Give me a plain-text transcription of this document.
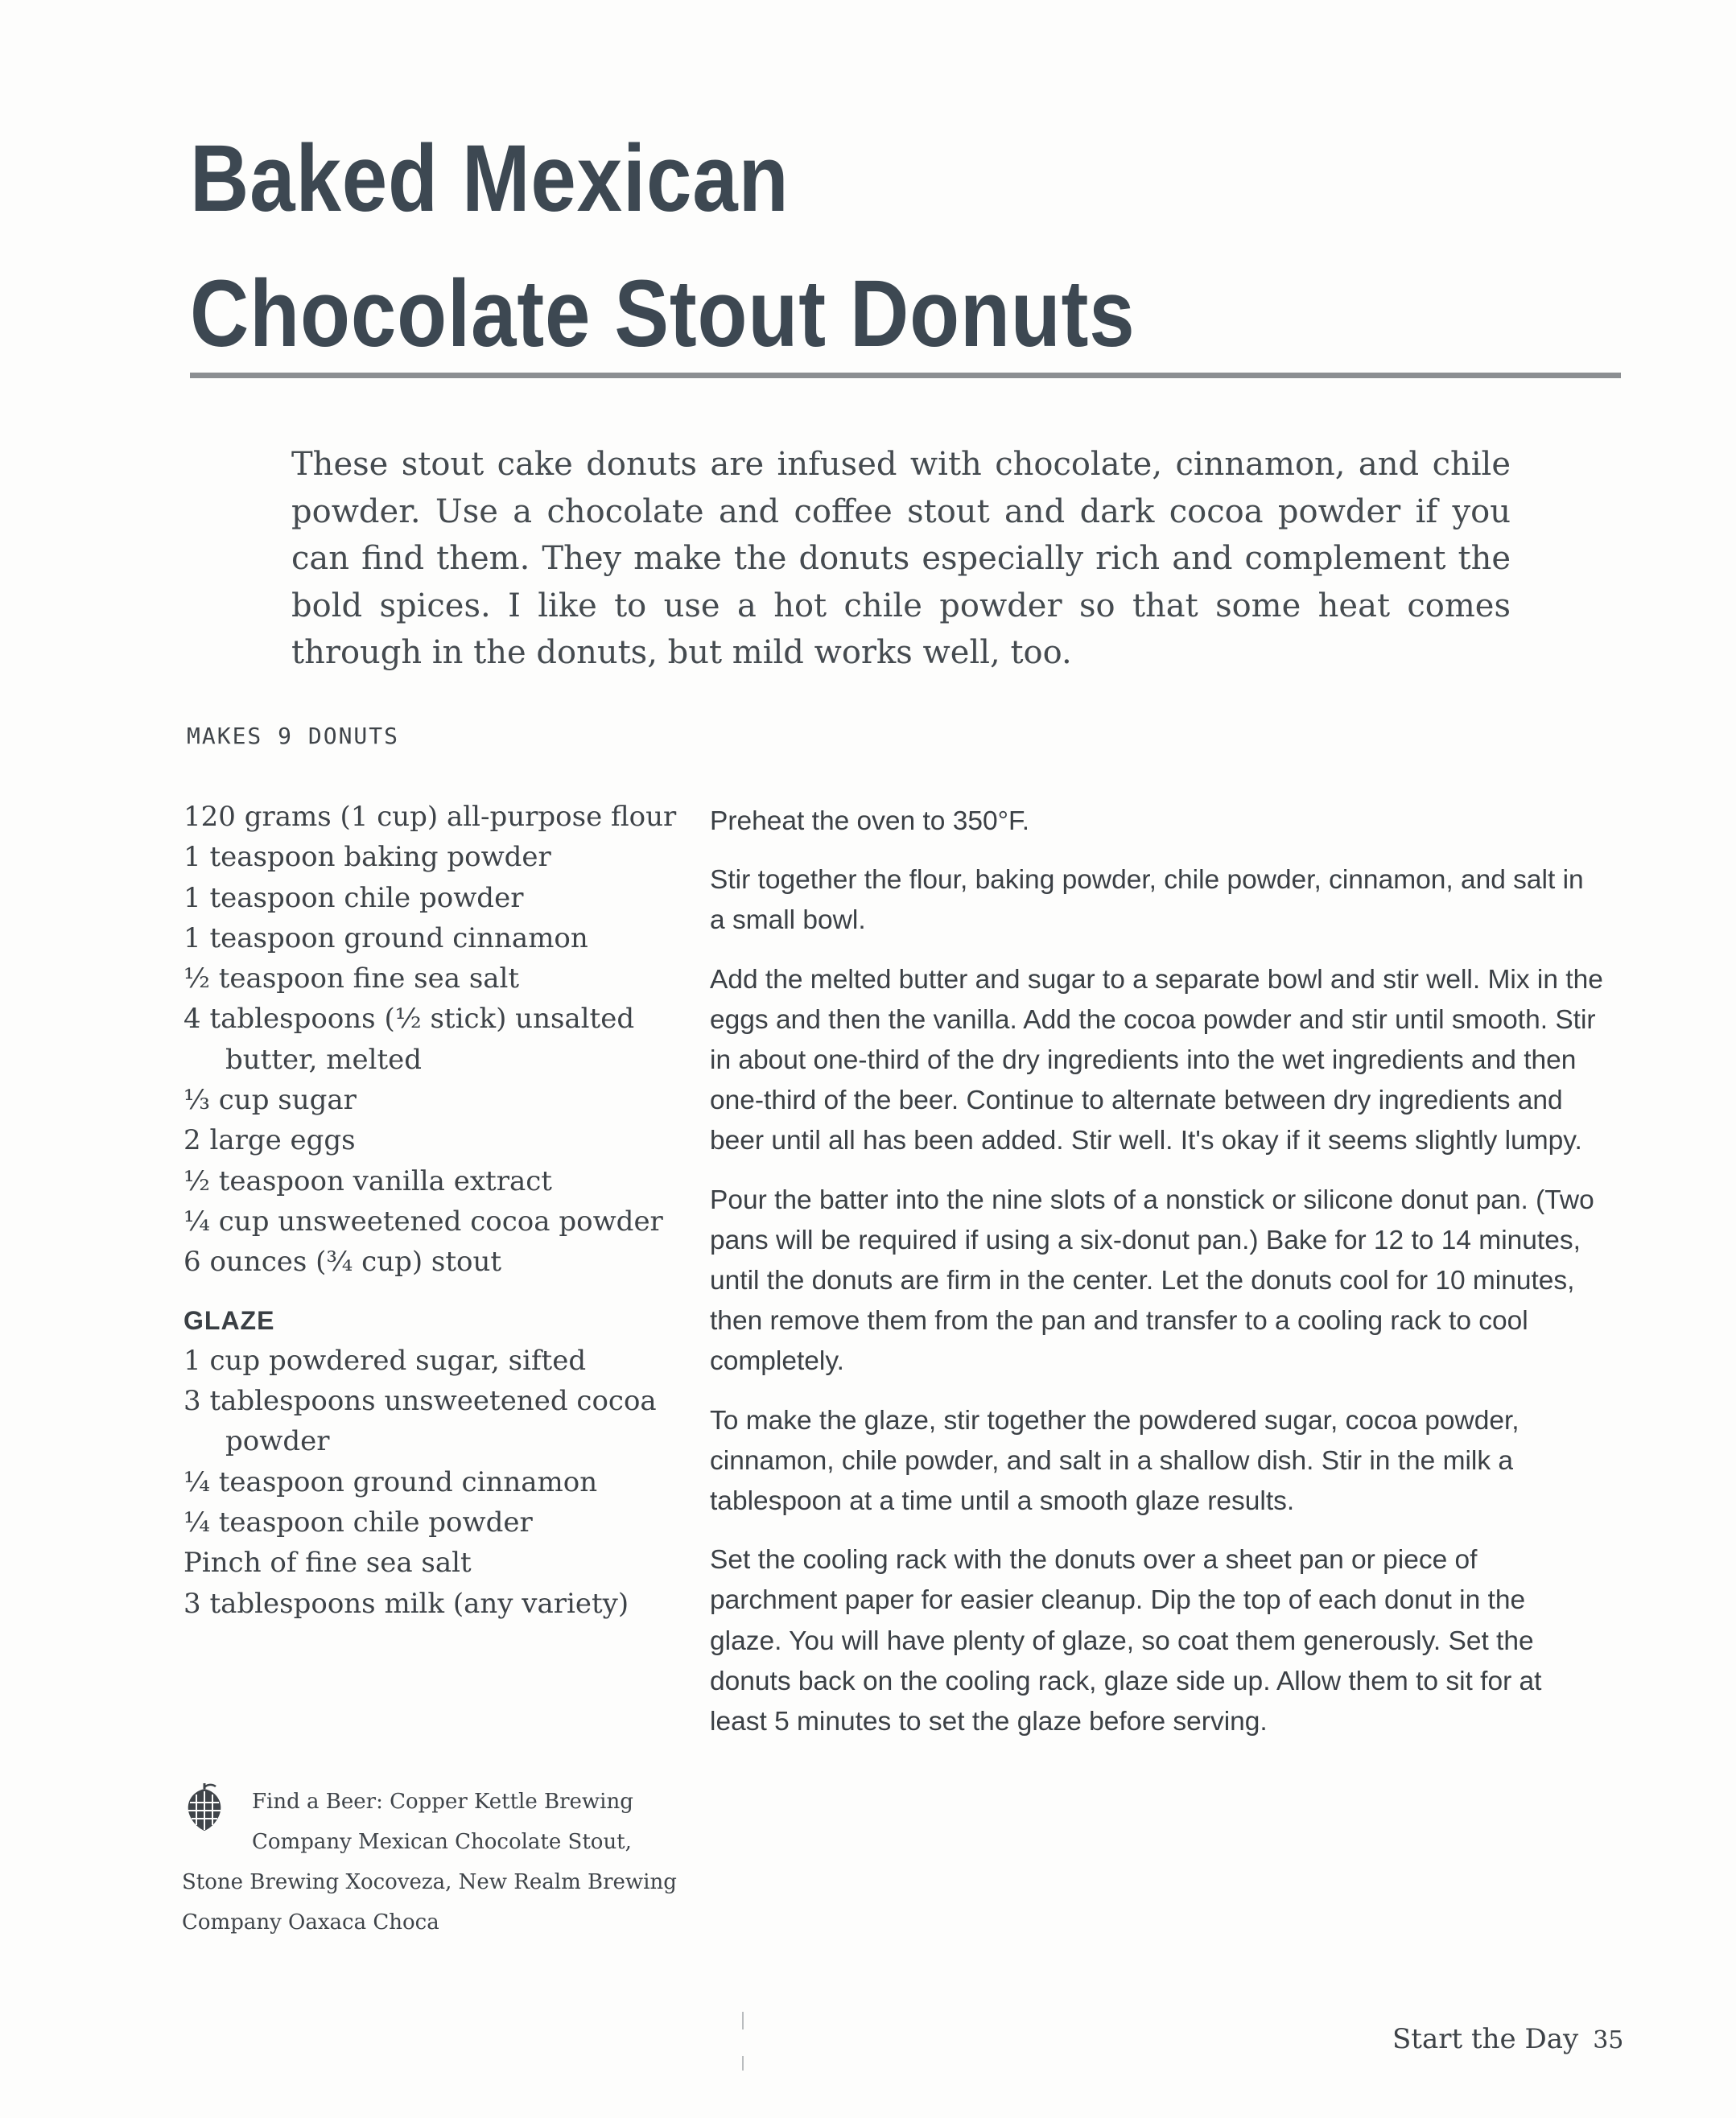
Baked Mexican
Chocolate Stout Donuts

These stout cake donuts are infused with chocolate, cinnamon, and chile powder. Use a chocolate and coffee stout and dark cocoa powder if you can find them. They make the donuts especially rich and complement the bold spices. I like to use a hot chile powder so that some heat comes through in the donuts, but mild works well, too.

MAKES 9 DONUTS
120 grams (1 cup) all-purpose flour
1 teaspoon baking powder
1 teaspoon chile powder
1 teaspoon ground cinnamon
½ teaspoon fine sea salt
4 tablespoons (½ stick) unsalted
butter, melted
⅓ cup sugar
2 large eggs
½ teaspoon vanilla extract
¼ cup unsweetened cocoa powder
6 ounces (¾ cup) stout
GLAZE
1 cup powdered sugar, sifted
3 tablespoons unsweetened cocoa
powder
¼ teaspoon ground cinnamon
¼ teaspoon chile powder
Pinch of fine sea salt
3 tablespoons milk (any variety)

Preheat the oven to 350°F.

Stir together the flour, baking powder, chile powder, cinnamon, and salt in a small bowl.

Add the melted butter and sugar to a separate bowl and stir well. Mix in the eggs and then the vanilla. Add the cocoa powder and stir until smooth. Stir in about one-third of the dry ingredients into the wet ingredients and then one-third of the beer. Continue to alternate between dry ingredients and beer until all has been added. Stir well. It's okay if it seems slightly lumpy.

Pour the batter into the nine slots of a nonstick or silicone donut pan. (Two pans will be required if using a six-donut pan.) Bake for 12 to 14 minutes, until the donuts are firm in the center. Let the donuts cool for 10 minutes, then remove them from the pan and transfer to a cooling rack to cool completely.

To make the glaze, stir together the powdered sugar, cocoa powder, cinnamon, chile powder, and salt in a shallow dish. Stir in the milk a tablespoon at a time until a smooth glaze results.

Set the cooling rack with the donuts over a sheet pan or piece of parchment paper for easier cleanup. Dip the top of each donut in the glaze. You will have plenty of glaze, so coat them generously. Set the donuts back on the cooling rack, glaze side up. Allow them to sit for at least 5 minutes to set the glaze before serving.

Find a Beer: Copper Kettle Brewing
Company Mexican Chocolate Stout,
Stone Brewing Xocoveza, New Realm Brewing
Company Oaxaca Choca
Start the Day 35
